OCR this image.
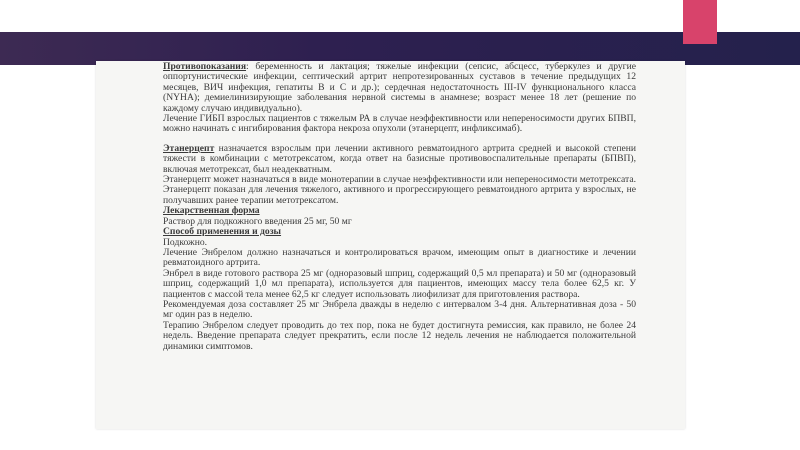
Противопоказания: беременность и лактация; тяжелые инфекции (сепсис, абсцесс, туберкулез и другие оппортунистические инфекции, септический артрит непротезированных суставов в течение предыдущих 12 месяцев, ВИЧ инфекция, гепатиты В и С и др.); сердечная недостаточность III-IV функционального класса (NYHA); демиелинизирующие заболевания нервной системы в анамнезе; возраст менее 18 лет (решение по каждому случаю индивидуально).

Лечение ГИБП взрослых пациентов с тяжелым РА в случае неэффективности или непереносимости других БПВП, можно начинать с ингибирования фактора некроза опухоли (этанерцепт, инфликсимаб).

Этанерцепт назначается взрослым при лечении активного ревматоидного артрита средней и высокой степени тяжести в комбинации с метотрексатом, когда ответ на базисные противовоспалительные препараты (БПВП), включая метотрексат, был неадекватным.

Этанерцепт может назначаться в виде монотерапии в случае неэффективности или непереносимости метотрексата. Этанерцепт показан для лечения тяжелого, активного и прогрессирующего ревматоидного артрита у взрослых, не получавших ранее терапии метотрексатом.

Лекарственная форма

Раствор для подкожного введения 25 мг, 50 мг

Способ применения и дозы

Подкожно.

Лечение Энбрелом должно назначаться и контролироваться врачом, имеющим опыт в диагностике и лечении ревматоидного артрита.

Энбрел в виде готового раствора 25 мг (одноразовый шприц, содержащий 0,5 мл препарата) и 50 мг (одноразовый шприц, содержащий 1,0 мл препарата), используется для пациентов, имеющих массу тела более 62,5 кг. У пациентов с массой тела менее 62,5 кг следует использовать лиофилизат для приготовления раствора.

Рекомендуемая доза составляет 25 мг Энбрела дважды в неделю с интервалом 3-4 дня. Альтернативная доза - 50 мг один раз в неделю.

Терапию Энбрелом следует проводить до тех пор, пока не будет достигнута ремиссия, как правило, не более 24 недель. Введение препарата следует прекратить, если после 12 недель лечения не наблюдается положительной динамики симптомов.
